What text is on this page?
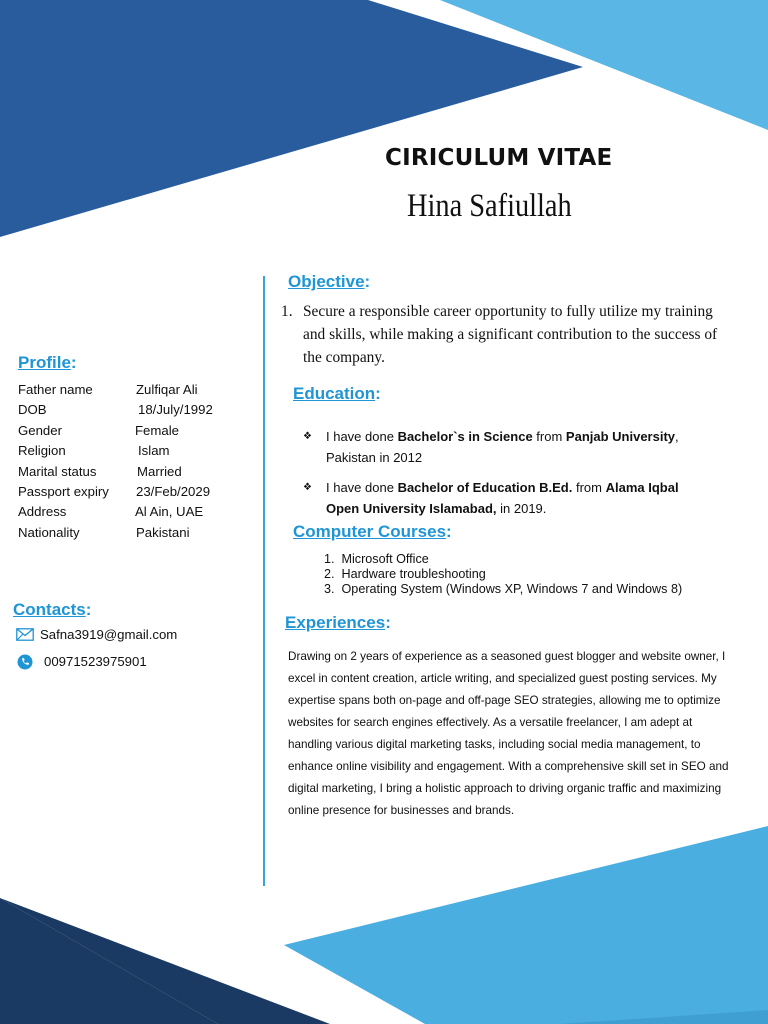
CIRICULUM VITAE
Hina Safiullah
Profile:
Father name	Zulfiqar Ali
DOB	18/July/1992
Gender	Female
Religion	Islam
Marital status	Married
Passport expiry	23/Feb/2029
Address	Al Ain, UAE
Nationality	Pakistani
Contacts:
Safna3919@gmail.com
00971523975901
Objective:
1. Secure a responsible career opportunity to fully utilize my training and skills, while making a significant contribution to the success of the company.
Education:
❖ I have done Bachelor`s in Science from Panjab University, Pakistan in 2012
❖ I have done Bachelor of Education B.Ed. from Alama Iqbal Open University Islamabad, in 2019.
Computer Courses:
1. Microsoft Office
2. Hardware troubleshooting
3. Operating System (Windows XP, Windows 7 and Windows 8)
Experiences:
Drawing on 2 years of experience as a seasoned guest blogger and website owner, I excel in content creation, article writing, and specialized guest posting services. My expertise spans both on-page and off-page SEO strategies, allowing me to optimize websites for search engines effectively. As a versatile freelancer, I am adept at handling various digital marketing tasks, including social media management, to enhance online visibility and engagement. With a comprehensive skill set in SEO and digital marketing, I bring a holistic approach to driving organic traffic and maximizing online presence for businesses and brands.
